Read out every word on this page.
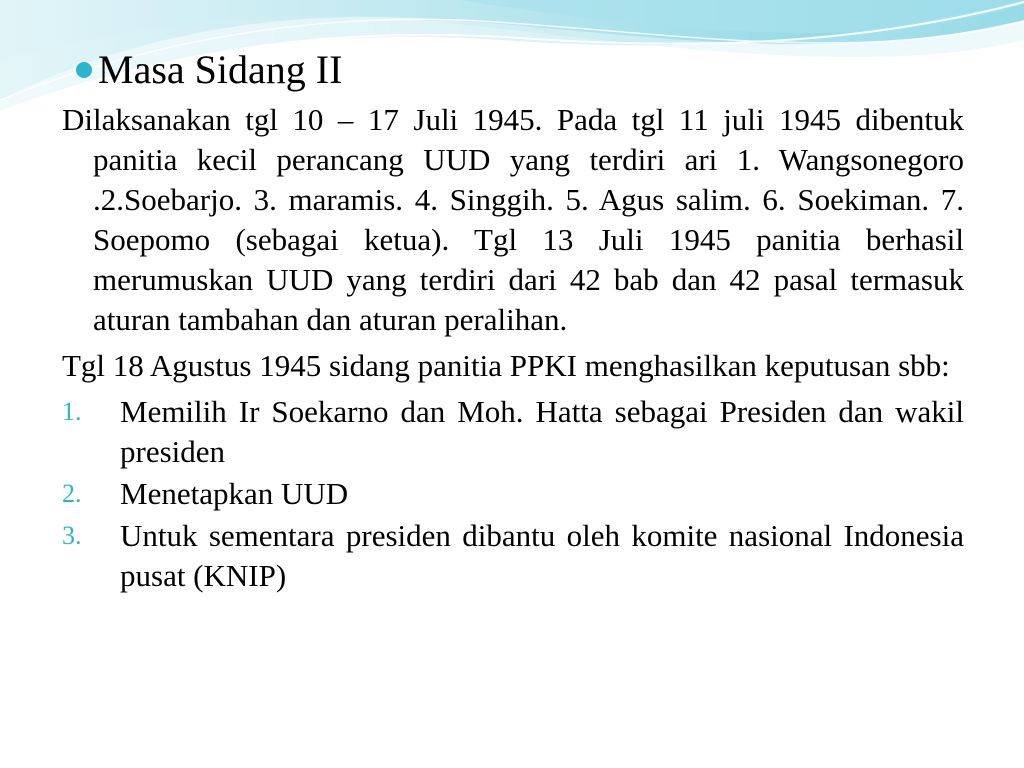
Masa Sidang II

Dilaksanakan tgl 10 – 17 Juli 1945. Pada tgl 11 juli 1945 dibentuk panitia kecil perancang UUD yang terdiri ari 1. Wangsonegoro .2.Soebarjo. 3. maramis. 4. Singgih. 5. Agus salim. 6. Soekiman. 7. Soepomo (sebagai ketua). Tgl 13 Juli 1945 panitia berhasil merumuskan UUD yang terdiri dari 42 bab dan 42 pasal termasuk aturan tambahan dan aturan peralihan.

Tgl 18 Agustus 1945 sidang panitia PPKI menghasilkan keputusan sbb:

1.	Memilih Ir Soekarno dan Moh. Hatta sebagai Presiden dan wakil presiden
2.	Menetapkan UUD
3.	Untuk sementara presiden dibantu oleh komite nasional Indonesia pusat (KNIP)
